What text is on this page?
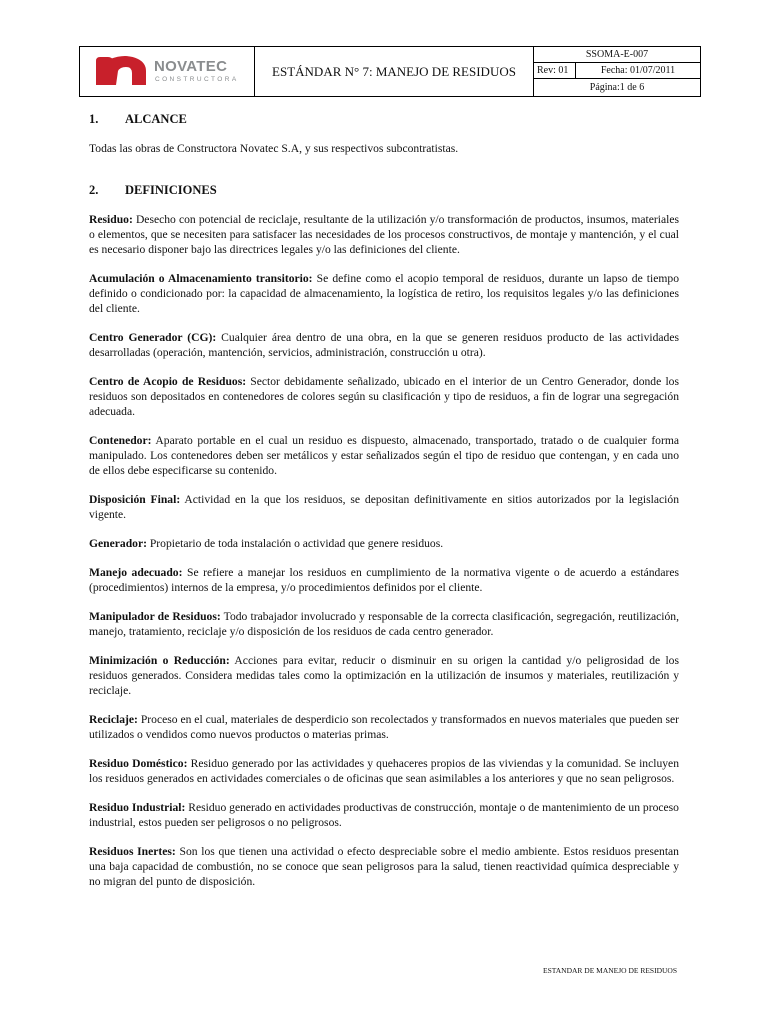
NOVATEC
CONSTRUCTORA
	ESTÁNDAR N° 7: MANEJO DE RESIDUOS	
SSOMA-E-007
Rev: 01	Fecha: 01/07/2011
Página:1 de 6
1. ALCANCE

Todas las obras de Constructora Novatec S.A, y sus respectivos subcontratistas.

2. DEFINICIONES

Residuo: Desecho con potencial de reciclaje, resultante de la utilización y/o transformación de productos, insumos, materiales o elementos, que se necesiten para satisfacer las necesidades de los procesos constructivos, de montaje y mantención, y el cual es necesario disponer bajo las directrices legales y/o las definiciones del cliente.

Acumulación o Almacenamiento transitorio: Se define como el acopio temporal de residuos, durante un lapso de tiempo definido o condicionado por: la capacidad de almacenamiento, la logística de retiro, los requisitos legales y/o las definiciones del cliente.

Centro Generador (CG): Cualquier área dentro de una obra, en la que se generen residuos producto de las actividades desarrolladas (operación, mantención, servicios, administración, construcción u otra).

Centro de Acopio de Residuos: Sector debidamente señalizado, ubicado en el interior de un Centro Generador, donde los residuos son depositados en contenedores de colores según su clasificación y tipo de residuos, a fin de lograr una segregación adecuada.

Contenedor: Aparato portable en el cual un residuo es dispuesto, almacenado, transportado, tratado o de cualquier forma manipulado. Los contenedores deben ser metálicos y estar señalizados según el tipo de residuo que contengan, y en cada uno de ellos debe especificarse su contenido.

Disposición Final: Actividad en la que los residuos, se depositan definitivamente en sitios autorizados por la legislación vigente.

Generador: Propietario de toda instalación o actividad que genere residuos.

Manejo adecuado: Se refiere a manejar los residuos en cumplimiento de la normativa vigente o de acuerdo a estándares (procedimientos) internos de la empresa, y/o procedimientos definidos por el cliente.

Manipulador de Residuos: Todo trabajador involucrado y responsable de la correcta clasificación, segregación, reutilización, manejo, tratamiento, reciclaje y/o disposición de los residuos de cada centro generador.

Minimización o Reducción: Acciones para evitar, reducir o disminuir en su origen la cantidad y/o peligrosidad de los residuos generados. Considera medidas tales como la optimización en la utilización de insumos y materiales, reutilización y reciclaje.

Reciclaje: Proceso en el cual, materiales de desperdicio son recolectados y transformados en nuevos materiales que pueden ser utilizados o vendidos como nuevos productos o materias primas.

Residuo Doméstico: Residuo generado por las actividades y quehaceres propios de las viviendas y la comunidad. Se incluyen los residuos generados en actividades comerciales o de oficinas que sean asimilables a los anteriores y que no sean peligrosos.

Residuo Industrial: Residuo generado en actividades productivas de construcción, montaje o de mantenimiento de un proceso industrial, estos pueden ser peligrosos o no peligrosos.

Residuos Inertes: Son los que tienen una actividad o efecto despreciable sobre el medio ambiente. Estos residuos presentan una baja capacidad de combustión, no se conoce que sean peligrosos para la salud, tienen reactividad química despreciable y no migran del punto de disposición.

ESTANDAR DE MANEJO DE RESIDUOS
